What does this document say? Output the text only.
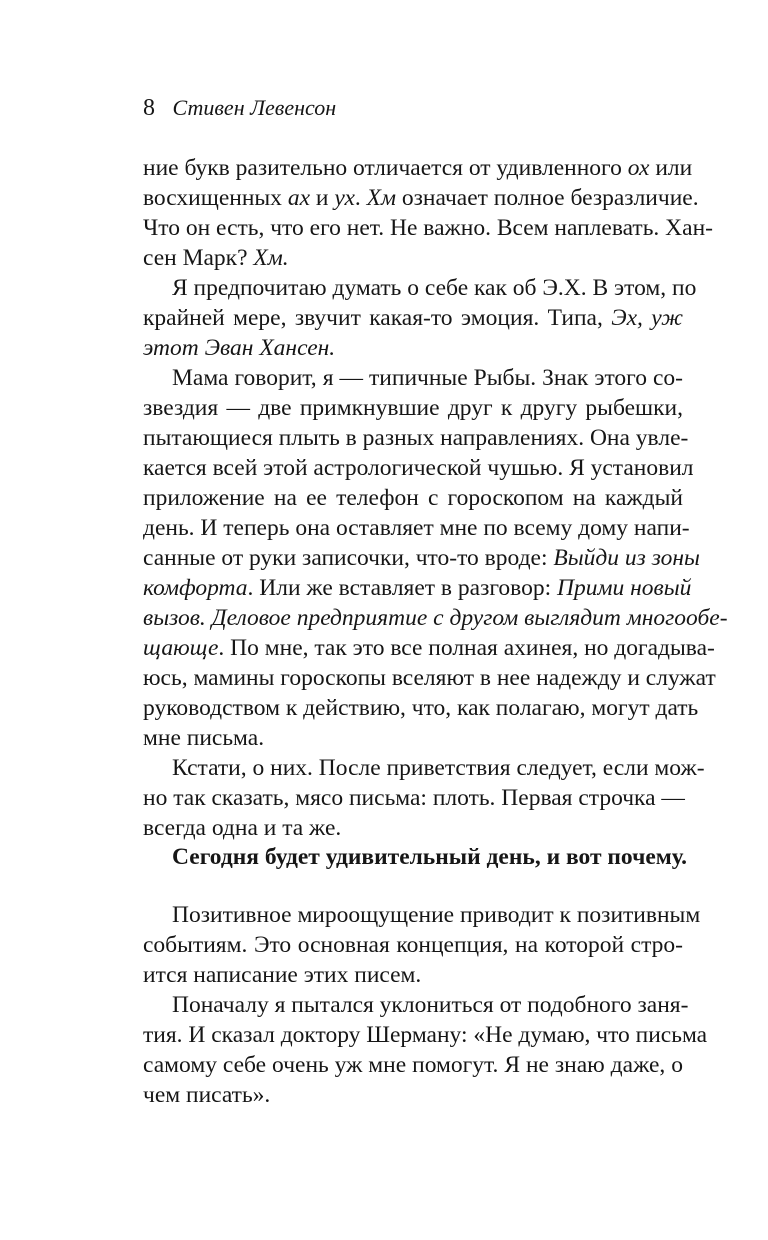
8 Стивен Левенсон
ние букв разительно отличается от удивленного ох или
восхищенных ах и ух. Хм означает полное безразличие.
Что он есть, что его нет. Не важно. Всем наплевать. Хан-
сен Марк? Хм.
Я предпочитаю думать о себе как об Э.Х. В этом, по
крайней мере, звучит какая-то эмоция. Типа, Эх, уж
этот Эван Хансен.
Мама говорит, я — типичные Рыбы. Знак этого со-
звездия — две примкнувшие друг к другу рыбешки,
пытающиеся плыть в разных направлениях. Она увле-
кается всей этой астрологической чушью. Я установил
приложение на ее телефон с гороскопом на каждый
день. И теперь она оставляет мне по всему дому напи-
санные от руки записочки, что-то вроде: Выйди из зоны
комфорта. Или же вставляет в разговор: Прими новый
вызов. Деловое предприятие с другом выглядит многообе-
щающе. По мне, так это все полная ахинея, но догадыва-
юсь, мамины гороскопы вселяют в нее надежду и служат
руководством к действию, что, как полагаю, могут дать
мне письма.
Кстати, о них. После приветствия следует, если мож-
но так сказать, мясо письма: плоть. Первая строчка —
всегда одна и та же.
Сегодня будет удивительный день, и вот почему.
Позитивное мироощущение приводит к позитивным
событиям. Это основная концепция, на которой стро-
ится написание этих писем.
Поначалу я пытался уклониться от подобного заня-
тия. И сказал доктору Шерману: «Не думаю, что письма
самому себе очень уж мне помогут. Я не знаю даже, о
чем писать».
